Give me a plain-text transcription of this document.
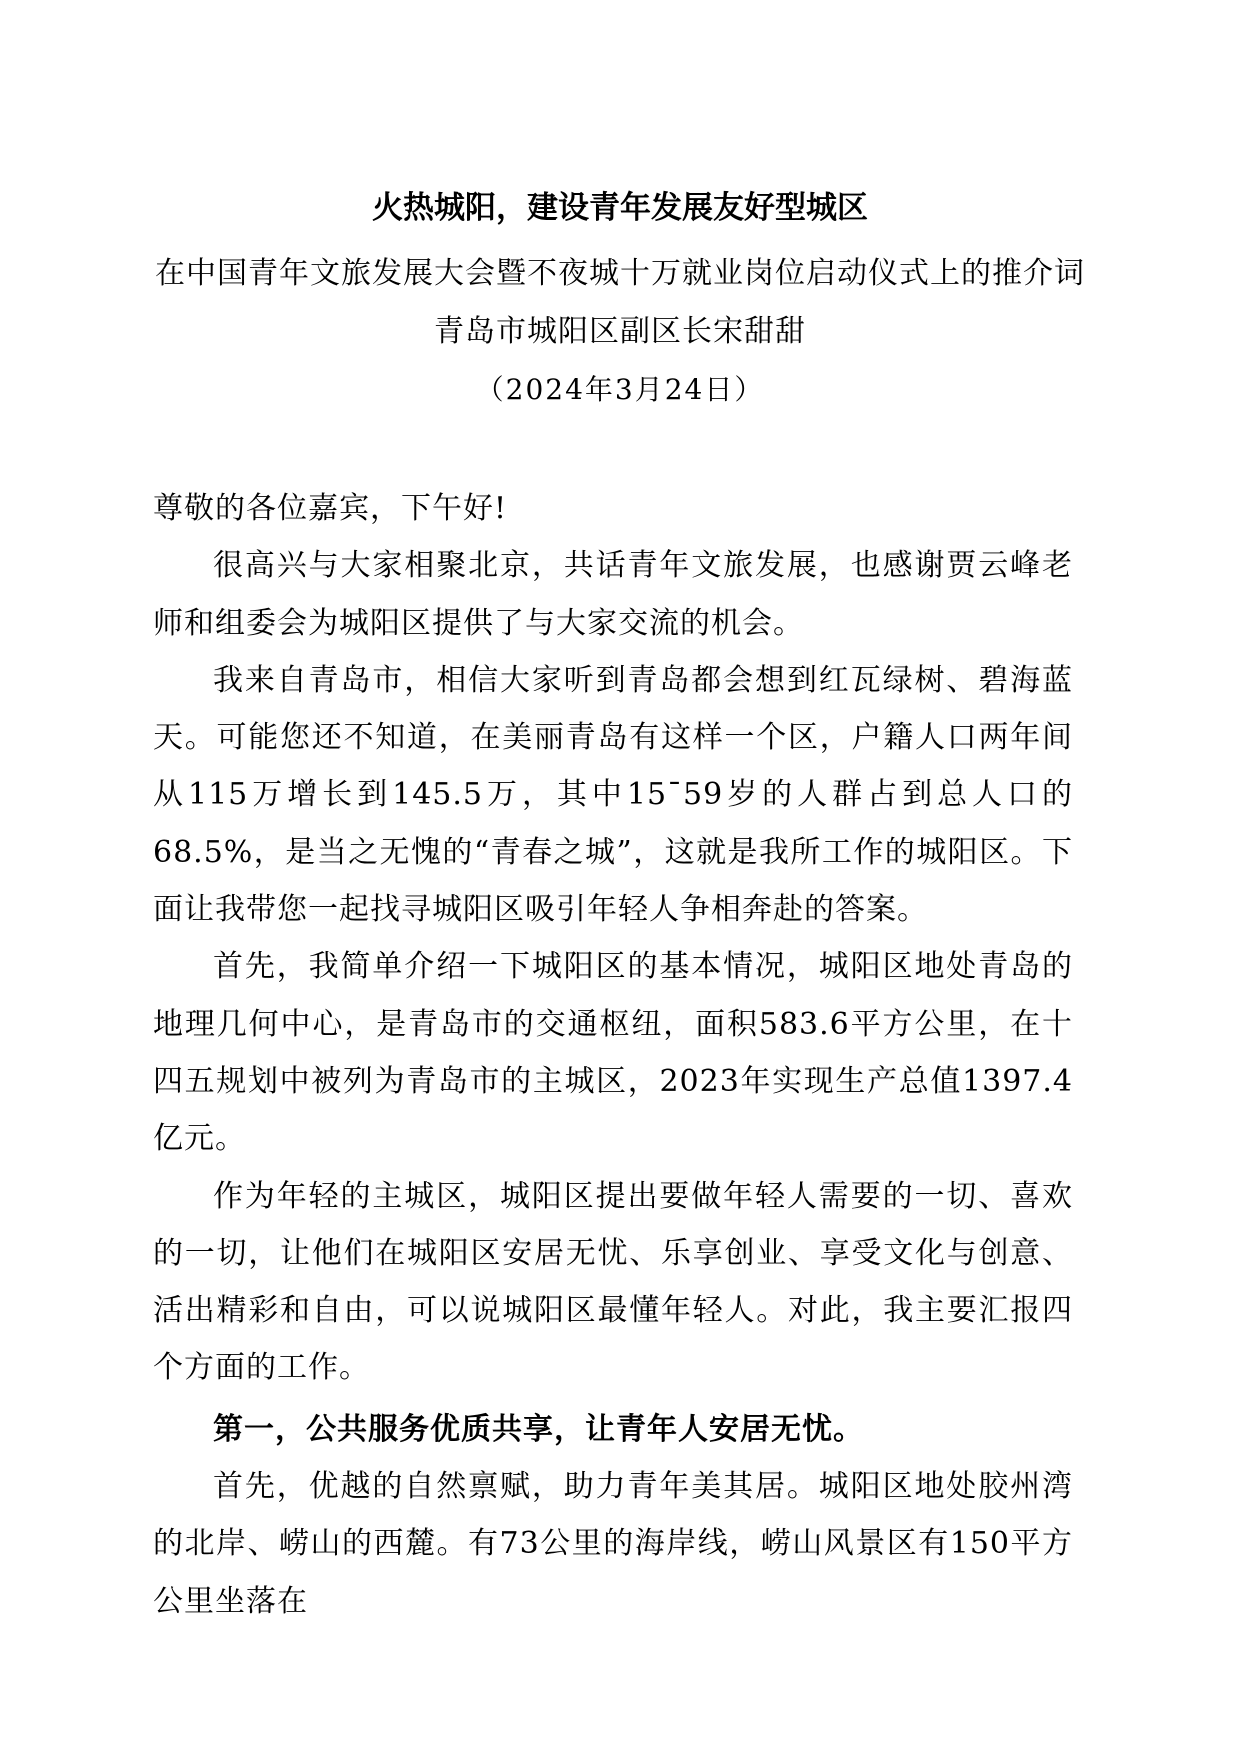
火热城阳，建设青年发展友好型城区
在中国青年文旅发展大会暨不夜城十万就业岗位启动仪式上的推介词
青岛市城阳区副区长宋甜甜
（2024年3月24日）

尊敬的各位嘉宾，下午好!

很高兴与大家相聚北京，共话青年文旅发展，也感谢贾云峰老师和组委会为城阳区提供了与大家交流的机会。

我来自青岛市，相信大家听到青岛都会想到红瓦绿树、碧海蓝天。可能您还不知道，在美丽青岛有这样一个区，户籍人口两年间从115万增长到145.5万，其中15¯59岁的人群占到总人口的68.5%，是当之无愧的“青春之城”，这就是我所工作的城阳区。下面让我带您一起找寻城阳区吸引年轻人争相奔赴的答案。

首先，我简单介绍一下城阳区的基本情况，城阳区地处青岛的地理几何中心，是青岛市的交通枢纽，面积583.6平方公里，在十四五规划中被列为青岛市的主城区，2023年实现生产总值1397.4亿元。

作为年轻的主城区，城阳区提出要做年轻人需要的一切、喜欢的一切，让他们在城阳区安居无忧、乐享创业、享受文化与创意、活出精彩和自由，可以说城阳区最懂年轻人。对此，我主要汇报四个方面的工作。

第一，公共服务优质共享，让青年人安居无忧。

首先，优越的自然禀赋，助力青年美其居。城阳区地处胶州湾的北岸、崂山的西麓。有73公里的海岸线，崂山风景区有150平方公里坐落在
